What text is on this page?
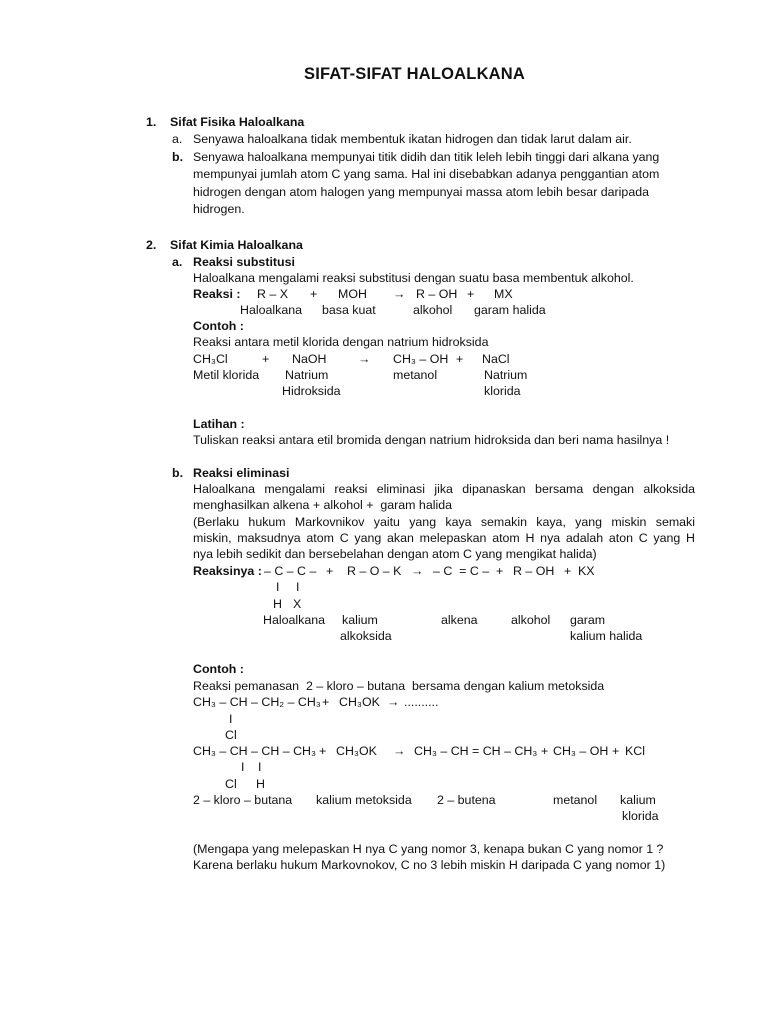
SIFAT-SIFAT HALOALKANA
1. Sifat Fisika Haloalkana
a. Senyawa haloalkana tidak membentuk ikatan hidrogen dan tidak larut dalam air.
b. Senyawa haloalkana mempunyai titik didih dan titik leleh lebih tinggi dari alkana yang
mempunyai jumlah atom C yang sama. Hal ini disebabkan adanya penggantian atom
hidrogen dengan atom halogen yang mempunyai massa atom lebih besar daripada
hidrogen.
2. Sifat Kimia Haloalkana
a. Reaksi substitusi
Haloalkana mengalami reaksi substitusi dengan suatu basa membentuk alkohol.
Reaksi : R – X + MOH → R – OH + MX
Haloalkana basa kuat	alkohol garam halida
Contoh :
Reaksi antara metil klorida dengan natrium hidroksida
CH₃Cl	+ NaOH	→ CH₃ – OH + NaCl
Metil klorida Natrium	metanol	Natrium
Hidroksida	klorida
Latihan :
Tuliskan reaksi antara etil bromida dengan natrium hidroksida dan beri nama hasilnya !
b. Reaksi eliminasi
Haloalkana mengalami reaksi eliminasi jika dipanaskan bersama dengan alkoksida
menghasilkan alkena + alkohol +  garam halida
(Berlaku hukum Markovnikov yaitu yang kaya semakin kaya, yang miskin semaki
miskin, maksudnya atom C yang akan melepaskan atom H nya adalah aton C yang H
nya lebih sedikit dan bersebelahan dengan atom C yang mengikat halida)
Reaksinya : – C – C – + R – O – K → – C  = C – + R – OH + KX
I I
H X
Haloalkana kalium	alkena	alkohol garam
alkoksida	kalium halida
Contoh :
Reaksi pemanasan  2 – kloro – butana  bersama dengan kalium metoksida
CH₃ – CH – CH₂ – CH₃ + CH₃OK → ..........
I
Cl
CH₃ – CH – CH – CH₃ + CH₃OK → CH₃ – CH = CH – CH₃ + CH₃ – OH + KCl
I I
Cl H
2 – kloro – butana kalium metoksida 2 – butena	metanol kalium
klorida
(Mengapa yang melepaskan H nya C yang nomor 3, kenapa bukan C yang nomor 1 ?
Karena berlaku hukum Markovnokov, C no 3 lebih miskin H daripada C yang nomor 1)
